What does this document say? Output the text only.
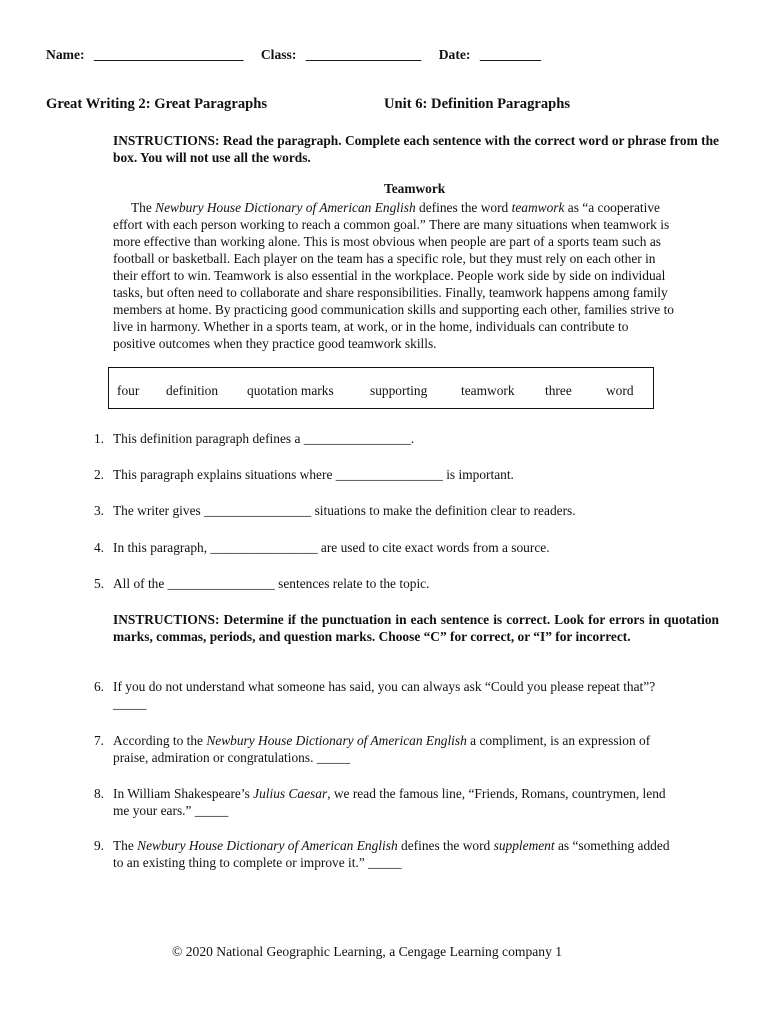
Name: ______________________ Class: _________________ Date: _________
Great Writing 2: Great Paragraphs	Unit 6: Definition Paragraphs
INSTRUCTIONS: Read the paragraph. Complete each sentence with the correct word or phrase from the box. You will not use all the words.
Teamwork
The Newbury House Dictionary of American English defines the word teamwork as “a cooperative
effort with each person working to reach a common goal.” There are many situations when teamwork is
more effective than working alone. This is most obvious when people are part of a sports team such as
football or basketball. Each player on the team has a specific role, but they must rely on each other in
their effort to win. Teamwork is also essential in the workplace. People work side by side on individual
tasks, but often need to collaborate and share responsibilities. Finally, teamwork happens among family
members at home. By practicing good communication skills and supporting each other, families strive to
live in harmony. Whether in a sports team, at work, or in the home, individuals can contribute to
positive outcomes when they practice good teamwork skills.
four definition quotation marks	supporting	teamwork three	word
1. This definition paragraph defines a ________________.
2. This paragraph explains situations where ________________ is important.
3. The writer gives ________________ situations to make the definition clear to readers.
4. In this paragraph, ________________ are used to cite exact words from a source.
5. All of the ________________ sentences relate to the topic.
INSTRUCTIONS: Determine if the punctuation in each sentence is correct. Look for errors in quotation marks, commas, periods, and question marks. Choose “C” for correct, or “I” for incorrect.
6. If you do not understand what someone has said, you can always ask “Could you please repeat that”?
_____
7. According to the Newbury House Dictionary of American English a compliment, is an expression of
praise, admiration or congratulations. _____
8. In William Shakespeare’s Julius Caesar, we read the famous line, “Friends, Romans, countrymen, lend
me your ears.” _____
9. The Newbury House Dictionary of American English defines the word supplement as “something added
to an existing thing to complete or improve it.” _____
© 2020 National Geographic Learning, a Cengage Learning company 1
